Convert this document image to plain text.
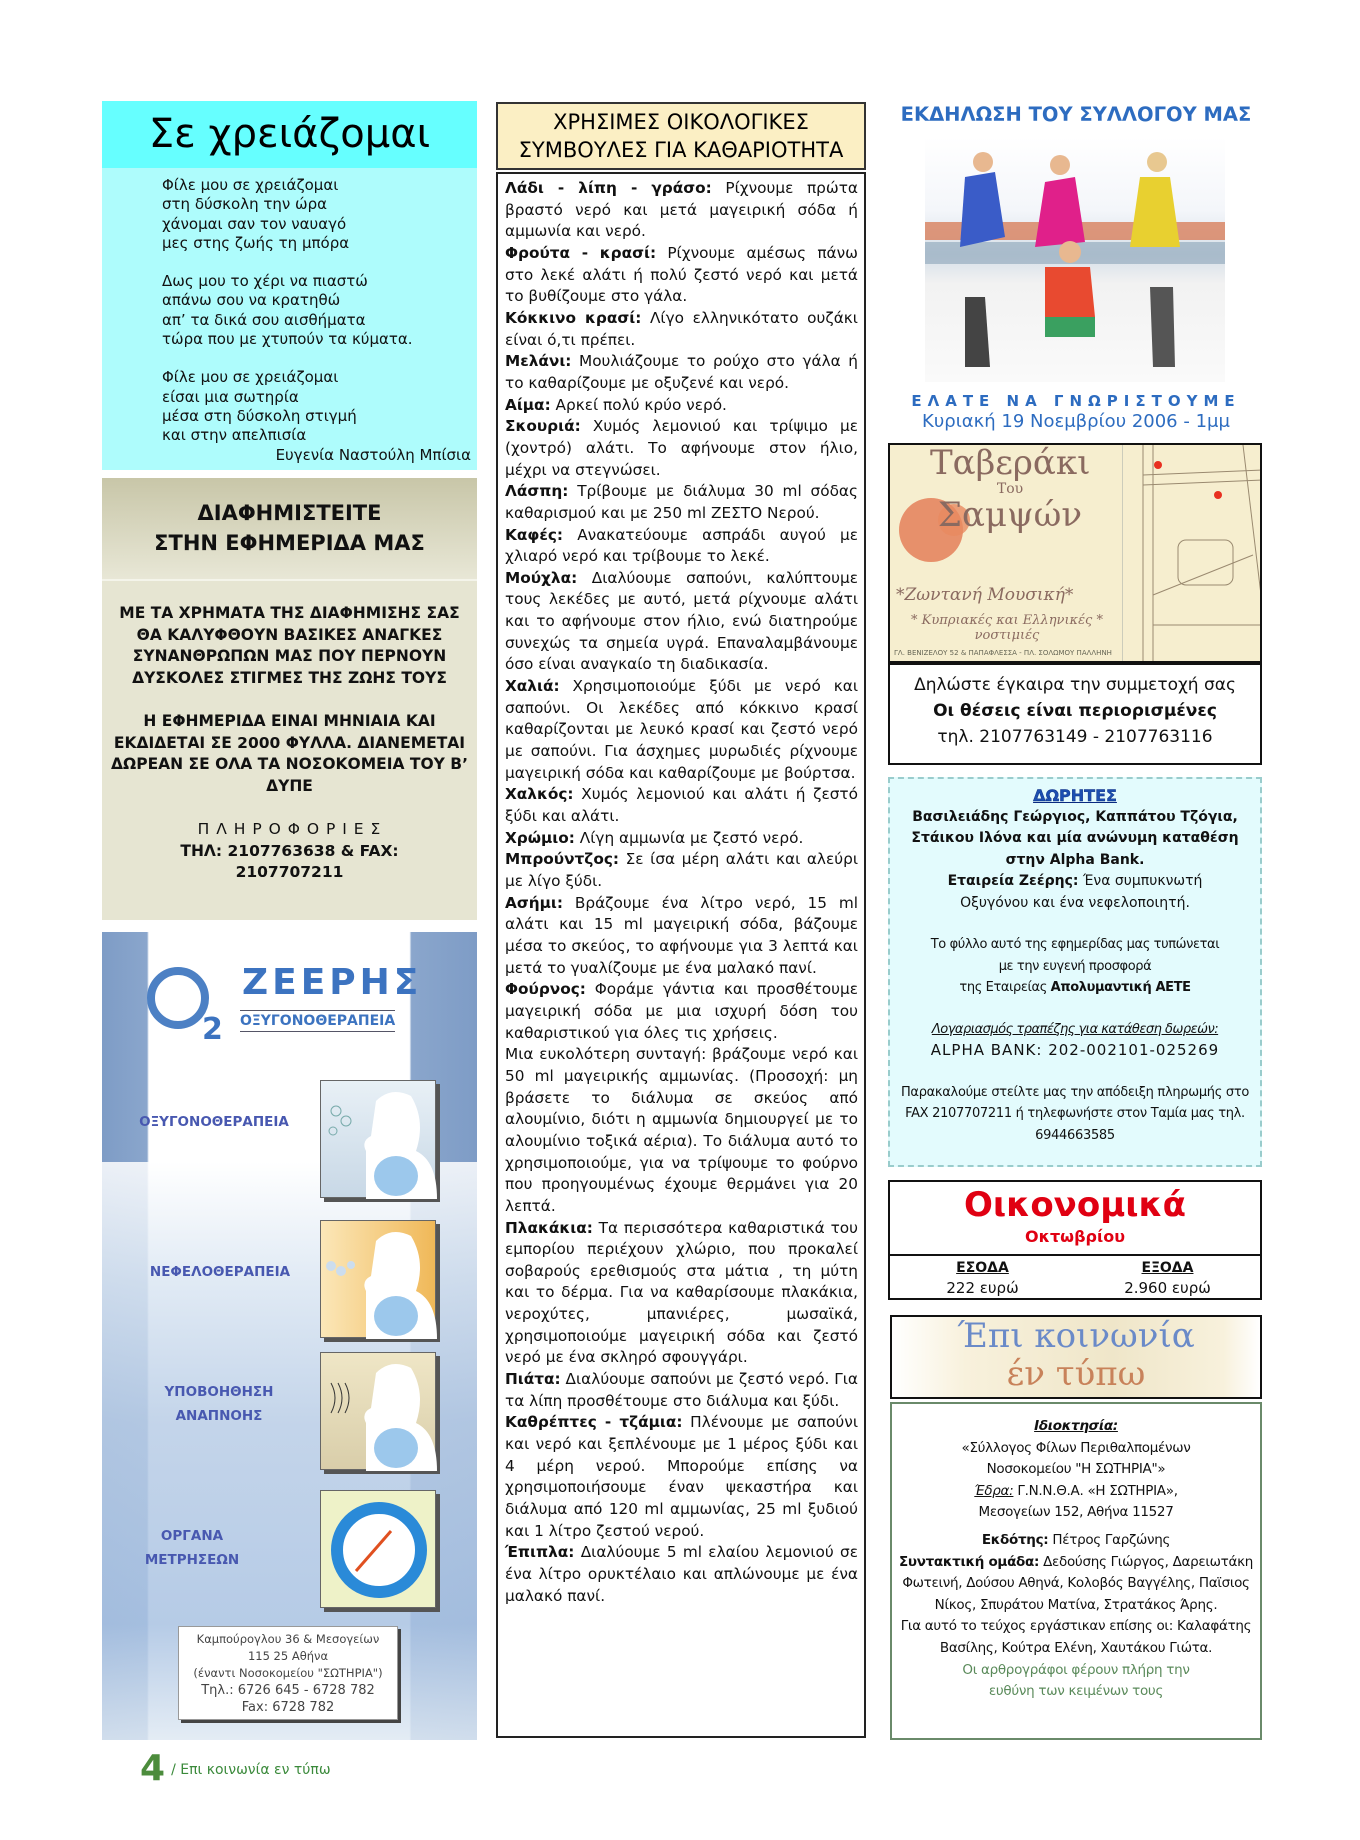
Σε χρειάζομαι
Φίλε μου σε χρειάζομαι
στη δύσκολη την ώρα
χάνομαι σαν τον ναυαγό
μες στης ζωής τη μπόρα
Δως μου το χέρι να πιαστώ
απάνω σου να κρατηθώ
απ’ τα δικά σου αισθήματα
τώρα που με χτυπούν τα κύματα.
Φίλε μου σε χρειάζομαι
είσαι μια σωτηρία
μέσα στη δύσκολη στιγμή
και στην απελπισία
Ευγενία Ναστούλη Μπίσια
ΔΙΑΦΗΜΙΣΤΕΙΤΕ
ΣΤΗΝ ΕΦΗΜΕΡΙΔΑ ΜΑΣ
ΜΕ ΤΑ ΧΡΗΜΑΤΑ ΤΗΣ ΔΙΑΦΗΜΙΣΗΣ ΣΑΣ ΘΑ ΚΑΛΥΦΘΟΥΝ ΒΑΣΙΚΕΣ ΑΝΑΓΚΕΣ ΣΥΝΑΝΘΡΩΠΩΝ ΜΑΣ ΠΟΥ ΠΕΡΝΟΥΝ ΔΥΣΚΟΛΕΣ ΣΤΙΓΜΕΣ ΤΗΣ ΖΩΗΣ ΤΟΥΣ
Η ΕΦΗΜΕΡΙΔΑ ΕΙΝΑΙ ΜΗΝΙΑΙΑ ΚΑΙ ΕΚΔΙΔΕΤΑΙ ΣΕ 2000 ΦΥΛΛΑ. ΔΙΑΝΕΜΕΤΑΙ ΔΩΡΕΑΝ ΣΕ ΟΛΑ ΤΑ ΝΟΣΟΚΟΜΕΙΑ ΤΟΥ Β’ ΔΥΠΕ
Π Λ Η Ρ Ο Φ Ο Ρ Ι Ε Σ
ΤΗΛ: 2107763638 & FAX: 2107707211
2
ΖΕΕΡΗΣ
ΟΞΥΓΟΝΟΘΕΡΑΠΕΙΑ
ΟΞΥΓΟΝΟΘΕΡΑΠΕΙΑ
ΝΕΦΕΛΟΘΕΡΑΠΕΙΑ
ΥΠΟΒΟΗΘΗΣΗ ΑΝΑΠΝΟΗΣ
ΟΡΓΑΝΑ ΜΕΤΡΗΣΕΩΝ
Καμπούρογλου 36 & Μεσογείων
115 25 Αθήνα
(έναντι Νοσοκομείου "ΣΩΤΗΡΙΑ")
Τηλ.: 6726 645 - 6728 782
Fax: 6728 782
4 / Επι κοινωνία εν τύπω
ΧΡΗΣΙΜΕΣ ΟΙΚΟΛΟΓΙΚΕΣ
ΣΥΜΒΟΥΛΕΣ ΓΙΑ ΚΑΘΑΡΙΟΤΗΤΑ
Λάδι - λίπη - γράσο: Ρίχνουμε πρώτα βραστό νερό και μετά μαγειρική σόδα ή αμμωνία και νερό.
Φρούτα - κρασί: Ρίχνουμε αμέσως πάνω στο λεκέ αλάτι ή πολύ ζεστό νερό και μετά το βυθίζουμε στο γάλα.
Κόκκινο κρασί: Λίγο ελληνικότατο ουζάκι είναι ό,τι πρέπει.
Μελάνι: Μουλιάζουμε το ρούχο στο γάλα ή το καθαρίζουμε με οξυζενέ και νερό.
Αίμα: Αρκεί πολύ κρύο νερό.
Σκουριά: Χυμός λεμονιού και τρίψιμο με (χοντρό) αλάτι. Το αφήνουμε στον ήλιο, μέχρι να στεγνώσει.
Λάσπη: Τρίβουμε με διάλυμα 30 ml σόδας καθαρισμού και με 250 ml ΖΕΣΤΟ Νερού.
Καφές: Ανακατεύουμε ασπράδι αυγού με χλιαρό νερό και τρίβουμε το λεκέ.
Μούχλα: Διαλύουμε σαπούνι, καλύπτουμε τους λεκέδες με αυτό, μετά ρίχνουμε αλάτι και το αφήνουμε στον ήλιο, ενώ διατηρούμε συνεχώς τα σημεία υγρά. Επαναλαμβάνουμε όσο είναι αναγκαίο τη διαδικασία.
Χαλιά: Χρησιμοποιούμε ξύδι με νερό και σαπούνι. Οι λεκέδες από κόκκινο κρασί καθαρίζονται με λευκό κρασί και ζεστό νερό με σαπούνι. Για άσχημες μυρωδιές ρίχνουμε μαγειρική σόδα και καθαρίζουμε με βούρτσα.
Χαλκός: Χυμός λεμονιού και αλάτι ή ζεστό ξύδι και αλάτι.
Χρώμιο: Λίγη αμμωνία με ζεστό νερό.
Μπρούντζος: Σε ίσα μέρη αλάτι και αλεύρι με λίγο ξύδι.
Ασήμι: Βράζουμε ένα λίτρο νερό, 15 ml αλάτι και 15 ml μαγειρική σόδα, βάζουμε μέσα το σκεύος, το αφήνουμε για 3 λεπτά και μετά το γυαλίζουμε με ένα μαλακό πανί.
Φούρνος: Φοράμε γάντια και προσθέτουμε μαγειρική σόδα με μια ισχυρή δόση του καθαριστικού για όλες τις χρήσεις.
Μια ευκολότερη συνταγή: βράζουμε νερό και 50 ml μαγειρικής αμμωνίας. (Προσοχή: μη βράσετε το διάλυμα σε σκεύος από αλουμίνιο, διότι η αμμωνία δημιουργεί με το αλουμίνιο τοξικά αέρια). Το διάλυμα αυτό το χρησιμοποιούμε, για να τρίψουμε το φούρνο που προηγουμένως έχουμε θερμάνει για 20 λεπτά.
Πλακάκια: Τα περισσότερα καθαριστικά του εμπορίου περιέχουν χλώριο, που προκαλεί σοβαρούς ερεθισμούς στα μάτια , τη μύτη και το δέρμα. Για να καθαρίσουμε πλακάκια, νεροχύτες, μπανιέρες, μωσαϊκά, χρησιμοποιούμε μαγειρική σόδα και ζεστό νερό με ένα σκληρό σφουγγάρι.
Πιάτα: Διαλύουμε σαπούνι με ζεστό νερό. Για τα λίπη προσθέτουμε στο διάλυμα και ξύδι.
Καθρέπτες - τζάμια: Πλένουμε με σαπούνι και νερό και ξεπλένουμε με 1 μέρος ξύδι και 4 μέρη νερού. Μπορούμε επίσης να χρησιμοποιήσουμε έναν ψεκαστήρα και διάλυμα από 120 ml αμμωνίας, 25 ml ξυδιού και 1 λίτρο ζεστού νερού.
Έπιπλα: Διαλύουμε 5 ml ελαίου λεμονιού σε ένα λίτρο ορυκτέλαιο και απλώνουμε με ένα μαλακό πανί.
ΕΚΔΗΛΩΣΗ ΤΟΥ ΣΥΛΛΟΓΟΥ ΜΑΣ
ΕΛΑΤΕ ΝΑ ΓΝΩΡΙΣΤΟΥΜΕ
Κυριακή 19 Νοεμβρίου 2006 - 1μμ
Ταβεράκι
Του
Σαμψών
*Ζωντανή Μουσική*
* Κυπριακές και Ελληνικές *
νοστιμιές
ΓΛ. ΒΕΝΙΖΕΛΟΥ 52 & ΠΑΠΑΦΛΕΣΣΑ - ΠΛ. ΣΟΛΩΜΟΥ ΠΑΛΛΗΝΗ
Δηλώστε έγκαιρα την συμμετοχή σας
Οι θέσεις είναι περιορισμένες
τηλ. 2107763149 - 2107763116
ΔΩΡΗΤΕΣ
Βασιλειάδης Γεώργιος, Καππάτου Τζόγια, Στάικου Ιλόνα και μία ανώνυμη καταθέση στην Alpha Bank.
Εταιρεία Ζεέρης: Ένα συμπυκνωτή Οξυγόνου και ένα νεφελοποιητή.
Το φύλλο αυτό της εφημερίδας μας τυπώνεται
με την ευγενή προσφορά
της Εταιρείας Απολυμαντική ΑΕΤΕ
Λογαριασμός τραπέζης για κατάθεση δωρεών:
ALPHA BANK: 202-002101-025269
Παρακαλούμε στείλτε μας την απόδειξη πληρωμής στο FAX 2107707211 ή τηλεφωνήστε στον Ταμία μας τηλ. 6944663585
Οικονομικά
Οκτωβρίου
ΕΣΟΔΑ
222 ευρώ
ΕΞΟΔΑ
2.960 ευρώ
Έπι κοινωνία
έν τύπω
Ιδιοκτησία:
«Σύλλογος Φίλων Περιθαλπομένων
Νοσοκομείου "Η ΣΩΤΗΡΙΑ"»
Έδρα: Γ.Ν.Ν.Θ.Α. «Η ΣΩΤΗΡΙΑ»,
Μεσογείων 152, Αθήνα 11527
Εκδότης: Πέτρος Γαρζώνης
Συντακτική ομάδα: Δεδούσης Γιώργος, Δαρειωτάκη Φωτεινή, Δούσου Αθηνά, Κολοβός Βαγγέλης, Παϊσιος Νίκος, Σπυράτου Ματίνα, Στρατάκος Άρης.
Για αυτό το τεύχος εργάστικαν επίσης οι: Καλαφάτης Βασίλης, Κούτρα Ελένη, Χαυτάκου Γιώτα.
Οι αρθρογράφοι φέρουν πλήρη την ευθύνη των κειμένων τους
